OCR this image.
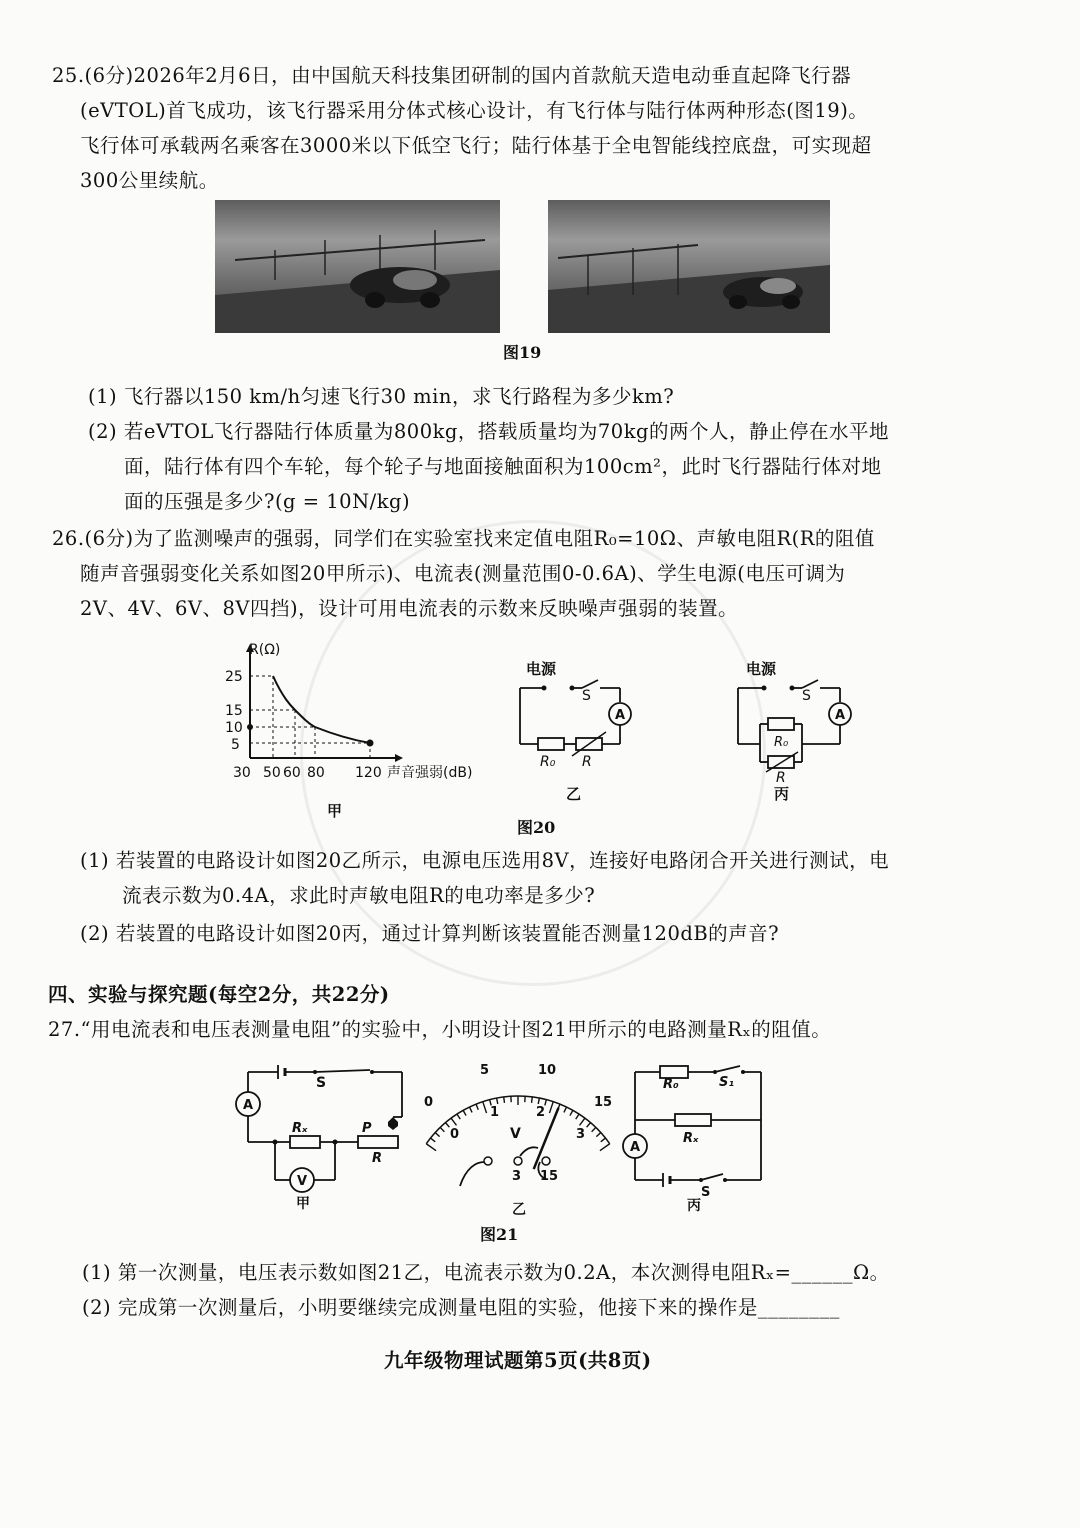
25.(6分)2026年2月6日，由中国航天科技集团研制的国内首款航天造电动垂直起降飞行器
(eVTOL)首飞成功，该飞行器采用分体式核心设计，有飞行体与陆行体两种形态(图19)。
飞行体可承载两名乘客在3000米以下低空飞行；陆行体基于全电智能线控底盘，可实现超
300公里续航。
图19
(1) 飞行器以150 km/h匀速飞行30 min，求飞行路程为多少km?
(2) 若eVTOL飞行器陆行体质量为800kg，搭载质量均为70kg的两个人，静止停在水平地
面，陆行体有四个车轮，每个轮子与地面接触面积为100cm²，此时飞行器陆行体对地
面的压强是多少?(g = 10N/kg)
26.(6分)为了监测噪声的强弱，同学们在实验室找来定值电阻R₀=10Ω、声敏电阻R(R的阻值
随声音强弱变化关系如图20甲所示)、电流表(测量范围0-0.6A)、学生电源(电压可调为
2V、4V、6V、8V四挡)，设计可用电流表的示数来反映噪声强弱的装置。
R(Ω)
声音强弱(dB)
25
15
10
5
30 50 60 80 120
甲
电源
S
A
R₀ R
乙
电源
S
A
R₀
R
丙
图20
(1) 若装置的电路设计如图20乙所示，电源电压选用8V，连接好电路闭合开关进行测试，电
流表示数为0.4A，求此时声敏电阻R的电功率是多少?
(2) 若装置的电路设计如图20丙，通过计算判断该装置能否测量120dB的声音?
四、实验与探究题(每空2分，共22分)
27.“用电流表和电压表测量电阻”的实验中，小明设计图21甲所示的电路测量Rₓ的阻值。
S
A
Rₓ	P
R
V
甲
0
5	10
15
0
1	2
3
V
3 15
乙
R₀	S₁
A
Rₓ
S
丙
图21
(1) 第一次测量，电压表示数如图21乙，电流表示数为0.2A，本次测得电阻Rₓ=______Ω。
(2) 完成第一次测量后，小明要继续完成测量电阻的实验，他接下来的操作是________
九年级物理试题第5页(共8页)
